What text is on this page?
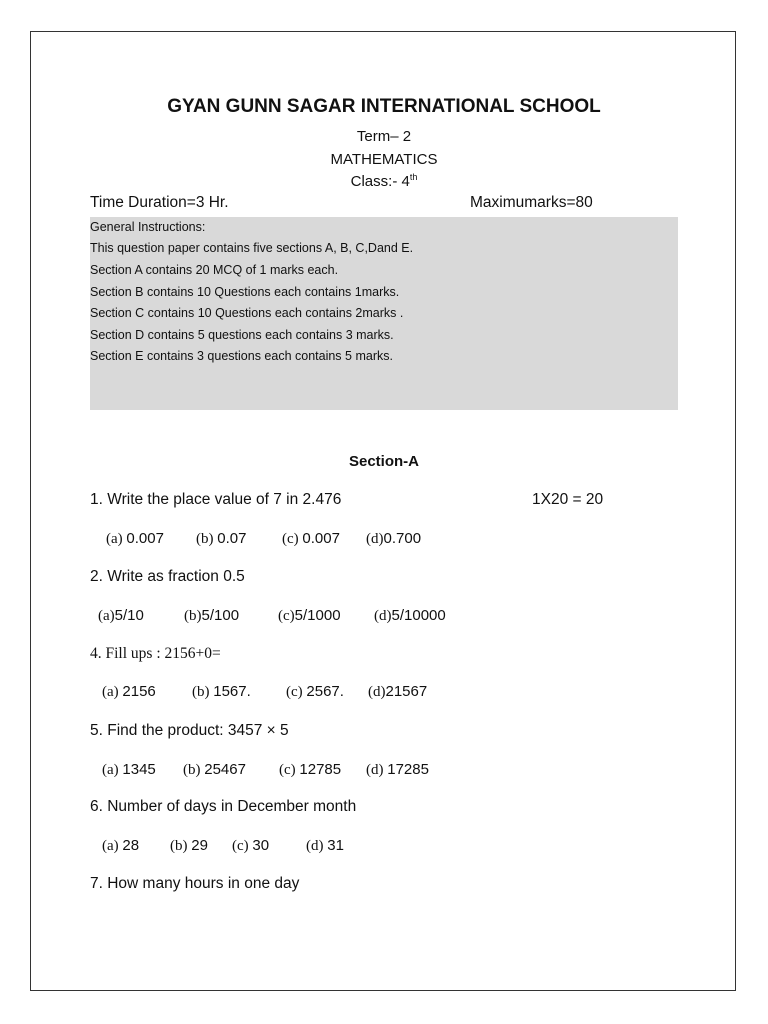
GYAN GUNN SAGAR INTERNATIONAL SCHOOL
Term– 2
MATHEMATICS
Class:- 4th
Time Duration=3 Hr.	Maximumarks=80
General Instructions:
This question paper contains five sections A, B, C,Dand E.
Section A contains 20 MCQ of 1 marks each.
Section B contains 10 Questions each contains 1marks.
Section C contains 10 Questions each contains 2marks .
Section D contains 5 questions each contains 3 marks.
Section E contains 3 questions each contains 5 marks.
Section-A
1. Write the place value of 7 in 2.476	1X20 = 20
(a) 0.007 (b) 0.07 (c) 0.007 (d)0.700
2. Write as fraction 0.5
(a)5/10	(b)5/100	(c)5/1000 (d)5/10000
4. Fill ups : 2156+0=
(a) 2156 (b) 1567. (c) 2567. (d)21567
5. Find the product: 3457 × 5
(a) 1345 (b) 25467 (c) 12785 (d) 17285
6. Number of days in December month
(a) 28 (b) 29 (c) 30 (d) 31
7. How many hours in one day
